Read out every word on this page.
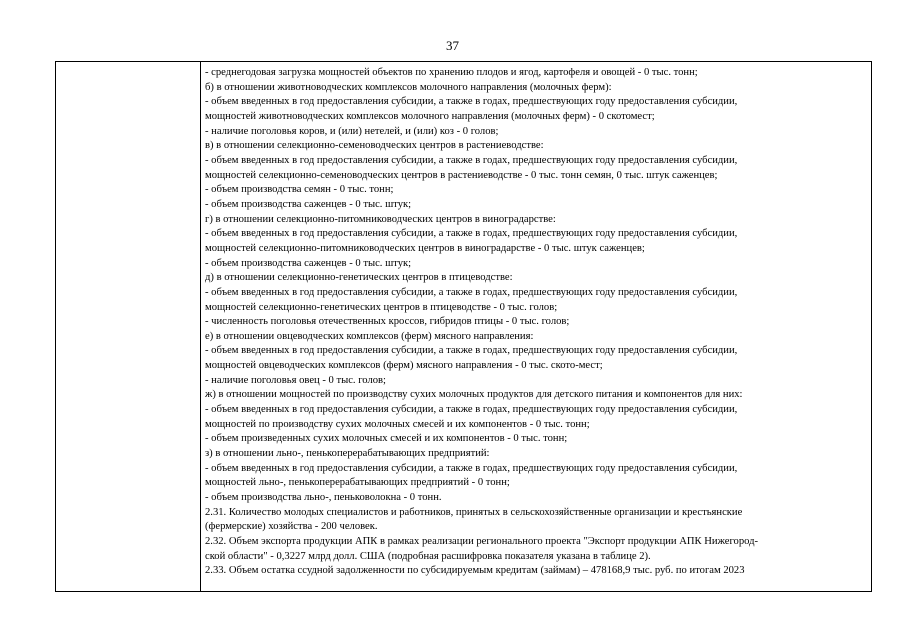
37
- среднегодовая загрузка мощностей объектов по хранению плодов и ягод, картофеля и овощей - 0 тыс. тонн;
б) в отношении животноводческих комплексов молочного направления (молочных ферм):
- объем введенных в год предоставления субсидии, а также в годах, предшествующих году предоставления субсидии,
мощностей животноводческих комплексов молочного направления (молочных ферм) - 0 скотомест;
- наличие поголовья коров, и (или) нетелей, и (или) коз - 0 голов;
в) в отношении селекционно-семеноводческих центров в растениеводстве:
- объем введенных в год предоставления субсидии, а также в годах, предшествующих году предоставления субсидии,
мощностей селекционно-семеноводческих центров в растениеводстве - 0 тыс. тонн семян, 0 тыс. штук саженцев;
- объем производства семян - 0 тыс. тонн;
- объем производства саженцев - 0 тыс. штук;
г) в отношении селекционно-питомниководческих центров в виноградарстве:
- объем введенных в год предоставления субсидии, а также в годах, предшествующих году предоставления субсидии,
мощностей селекционно-питомниководческих центров в виноградарстве - 0 тыс. штук саженцев;
- объем производства саженцев - 0 тыс. штук;
д) в отношении селекционно-генетических центров в птицеводстве:
- объем введенных в год предоставления субсидии, а также в годах, предшествующих году предоставления субсидии,
мощностей селекционно-генетических центров в птицеводстве - 0 тыс. голов;
- численность поголовья отечественных кроссов, гибридов птицы - 0 тыс. голов;
е) в отношении овцеводческих комплексов (ферм) мясного направления:
- объем введенных в год предоставления субсидии, а также в годах, предшествующих году предоставления субсидии,
мощностей овцеводческих комплексов (ферм) мясного направления - 0 тыс. ското-мест;
- наличие поголовья овец - 0 тыс. голов;
ж) в отношении мощностей по производству сухих молочных продуктов для детского питания и компонентов для них:
- объем введенных в год предоставления субсидии, а также в годах, предшествующих году предоставления субсидии,
мощностей по производству сухих молочных смесей и их компонентов - 0 тыс. тонн;
- объем произведенных сухих молочных смесей и их компонентов - 0 тыс. тонн;
з) в отношении льно-, пенькоперерабатывающих предприятий:
- объем введенных в год предоставления субсидии, а также в годах, предшествующих году предоставления субсидии,
мощностей льно-, пенькоперерабатывающих предприятий - 0 тонн;
- объем производства льно-, пеньковолокна - 0 тонн.
2.31. Количество молодых специалистов и работников, принятых в сельскохозяйственные организации и крестьянские
(фермерские) хозяйства - 200 человек.
2.32. Объем экспорта продукции АПК в рамках реализации регионального проекта "Экспорт продукции АПК Нижегород-
ской области" - 0,3227 млрд долл. США (подробная расшифровка показателя указана в таблице 2).
2.33. Объем остатка ссудной задолженности по субсидируемым кредитам (займам) – 478168,9 тыс. руб. по итогам 2023
